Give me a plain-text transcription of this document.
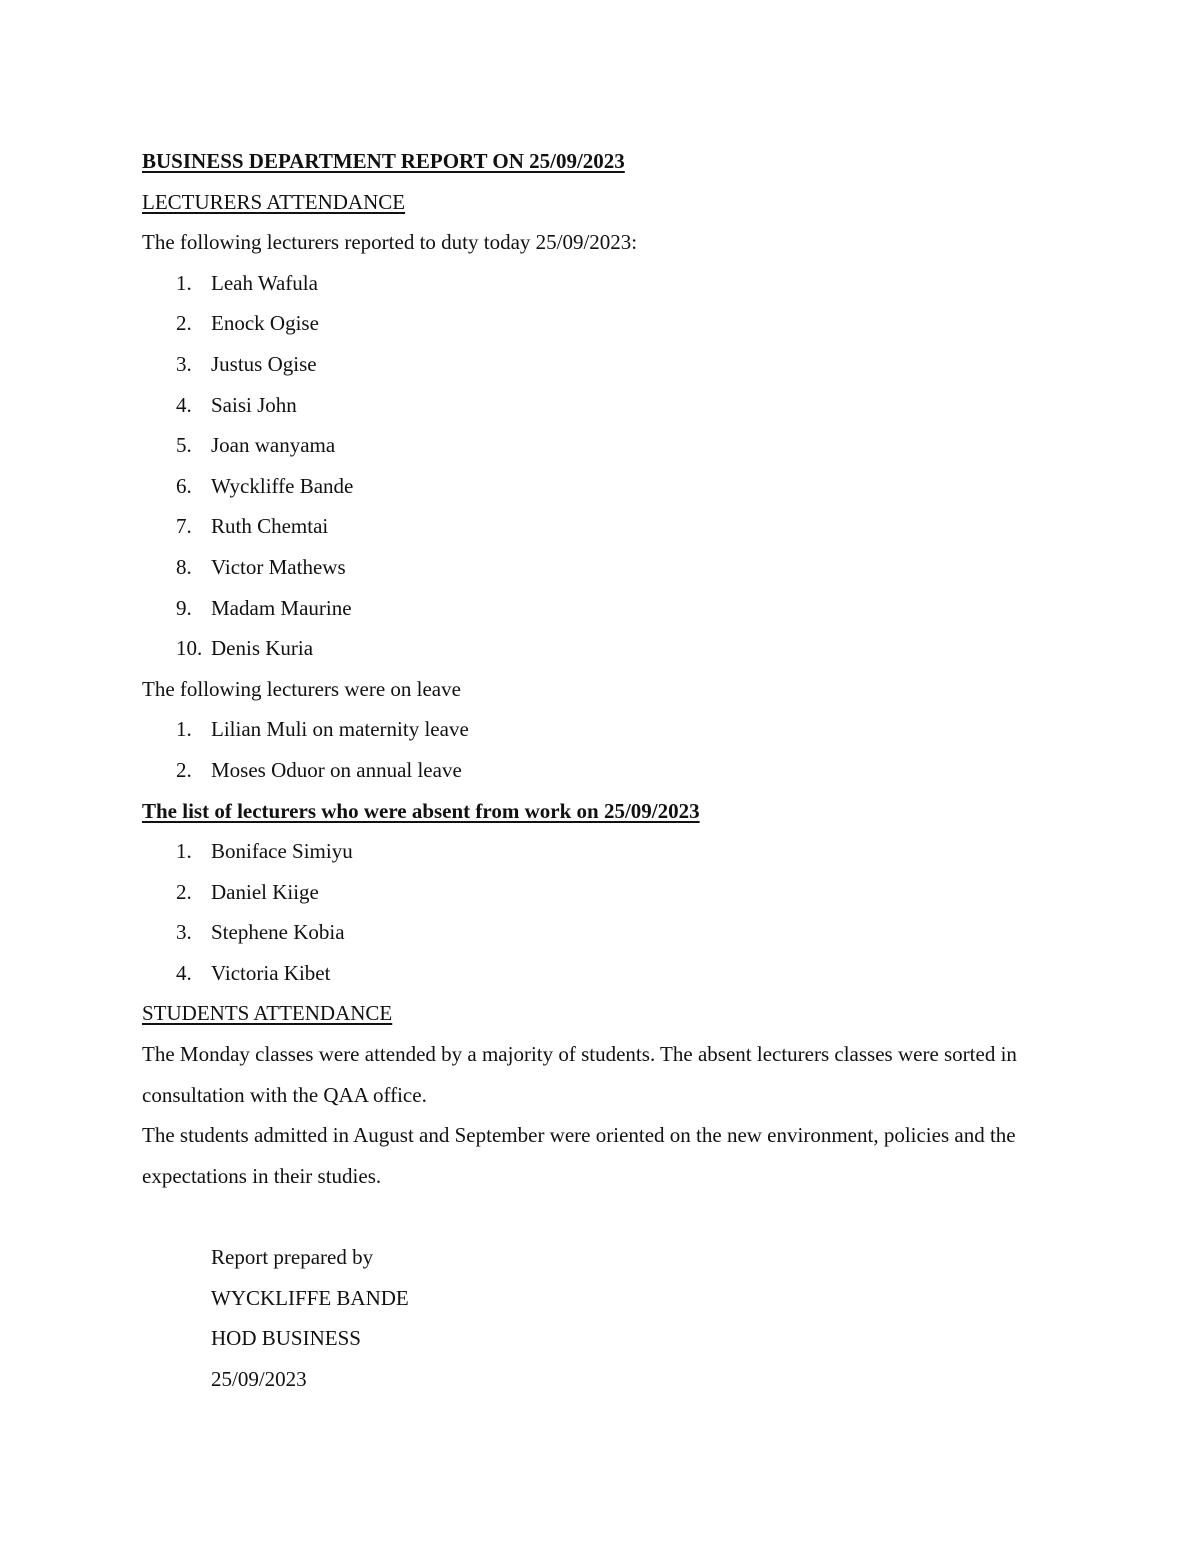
BUSINESS DEPARTMENT REPORT ON 25/09/2023
LECTURERS ATTENDANCE
The following lecturers reported to duty today 25/09/2023:
1. Leah Wafula
2. Enock Ogise
3. Justus Ogise
4. Saisi John
5. Joan wanyama
6. Wyckliffe Bande
7. Ruth Chemtai
8. Victor Mathews
9. Madam Maurine
10. Denis Kuria
The following lecturers were on leave
1. Lilian Muli on maternity leave
2. Moses Oduor on annual leave
The list of lecturers who were absent from work on 25/09/2023
1. Boniface Simiyu
2. Daniel Kiige
3. Stephene Kobia
4. Victoria Kibet
STUDENTS ATTENDANCE
The Monday classes were attended by a majority of students. The absent lecturers classes were sorted in consultation with the QAA office.
The students admitted in August and September were oriented on the new environment, policies and the expectations in their studies.
Report prepared by
WYCKLIFFE BANDE
HOD BUSINESS
25/09/2023
